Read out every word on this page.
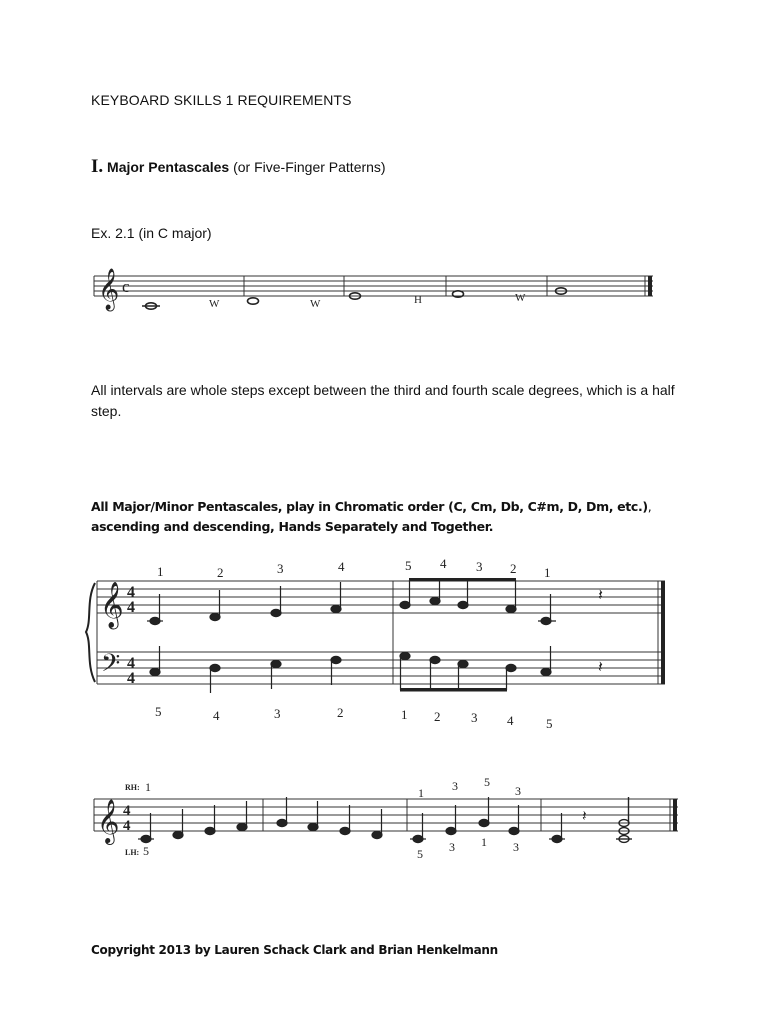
KEYBOARD SKILLS 1 REQUIREMENTS
I. Major Pentascales (or Five-Finger Patterns)
Ex. 2.1 (in C major)
𝄞 c
W	W	H	W
All intervals are whole steps except between the third and fourth scale degrees, which is a half step.
All Major/Minor Pentascales, play in Chromatic order (C, Cm, Db, C#m, D, Dm, etc.), ascending and descending, Hands Separately and Together.
𝄞
𝄢
4
4
4
4
𝄽
𝄽
1	2	3	4	5 4 3 2 1
5	4	3	2	1 2 3 4	5
𝄞 4
4
𝄽
RH: 1
LH: 5
1 3 5
3
5 3 1 3
Copyright 2013 by Lauren Schack Clark and Brian Henkelmann
